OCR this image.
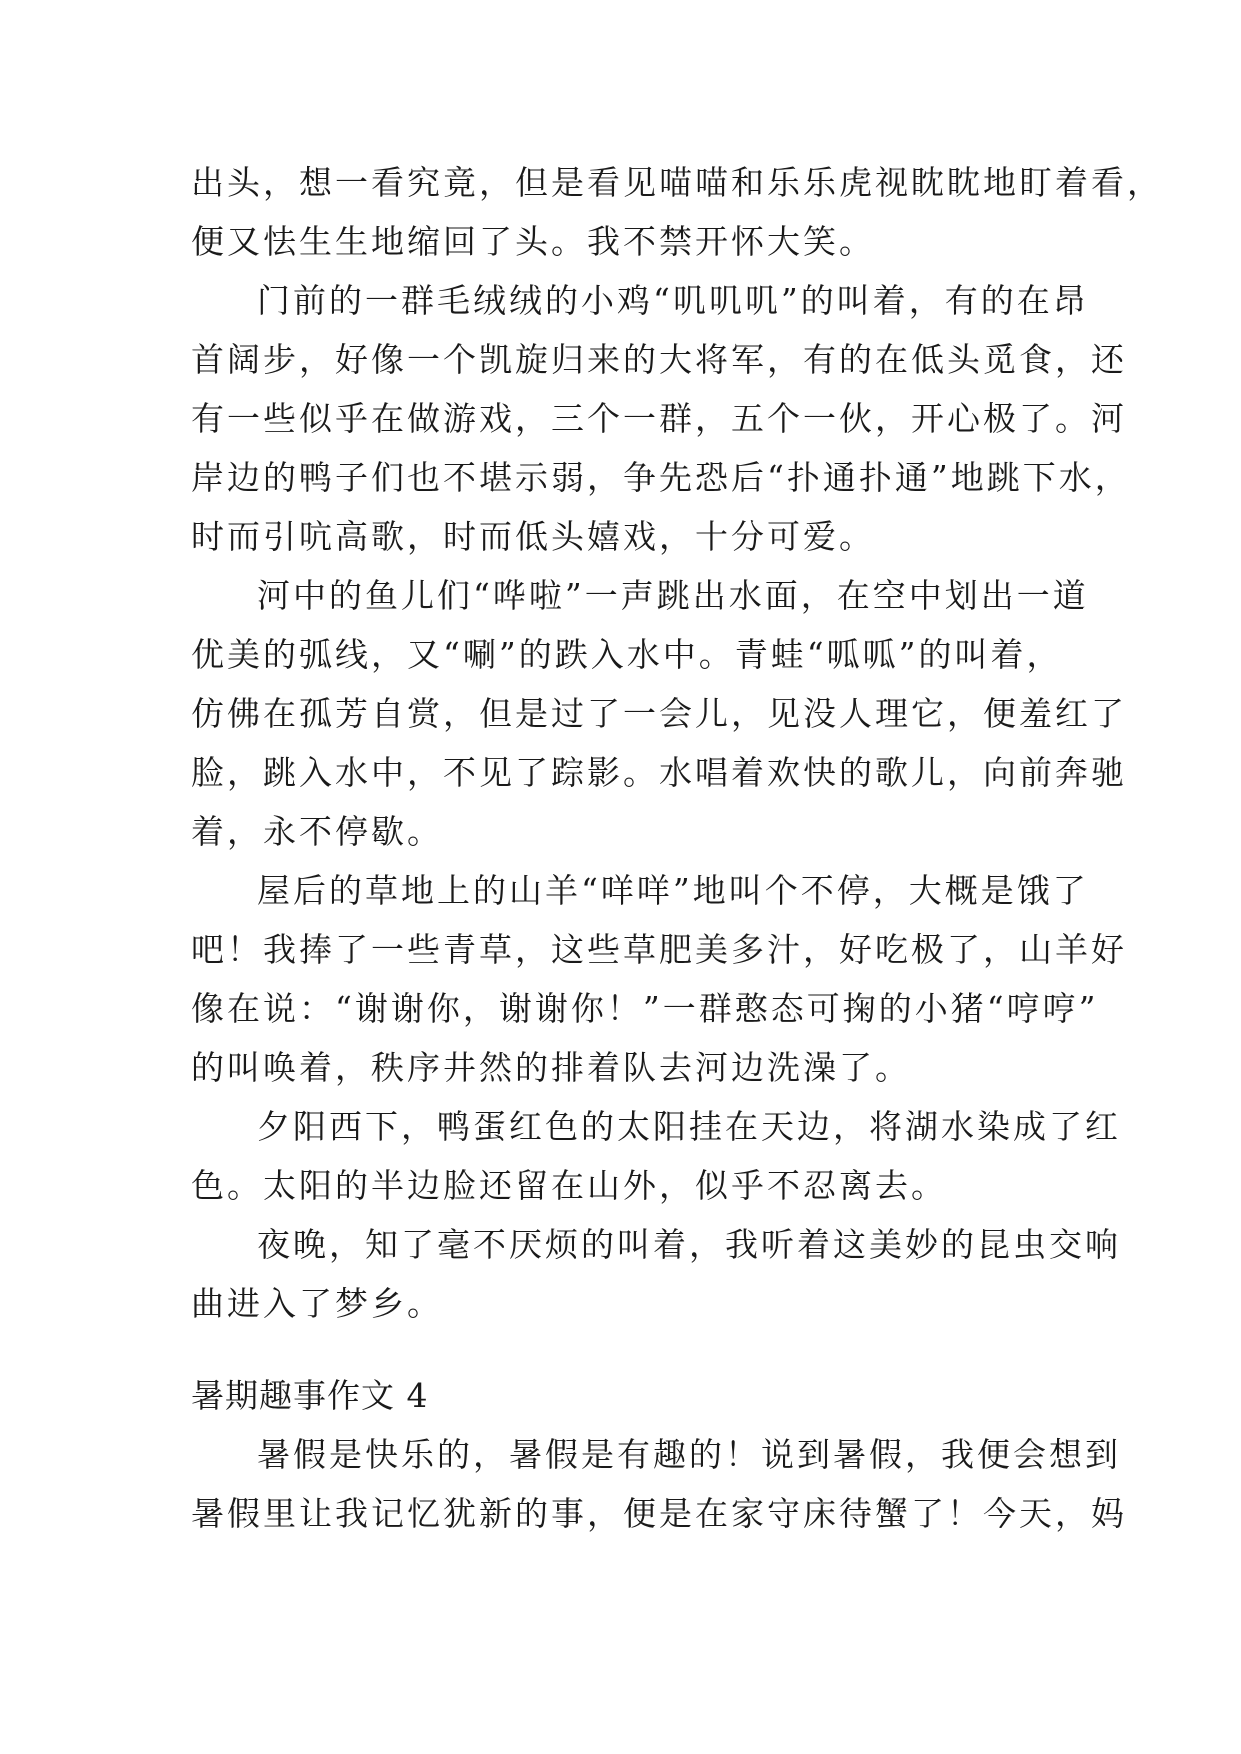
出头，想一看究竟，但是看见喵喵和乐乐虎视眈眈地盯着看，
便又怯生生地缩回了头。我不禁开怀大笑。
门前的一群毛绒绒的小鸡“叽叽叽”的叫着，有的在昂
首阔步，好像一个凯旋归来的大将军，有的在低头觅食，还
有一些似乎在做游戏，三个一群，五个一伙，开心极了。河
岸边的鸭子们也不堪示弱，争先恐后“扑通扑通”地跳下水，
时而引吭高歌，时而低头嬉戏，十分可爱。
河中的鱼儿们“哗啦”一声跳出水面，在空中划出一道
优美的弧线，又“唰”的跌入水中。青蛙“呱呱”的叫着，
仿佛在孤芳自赏，但是过了一会儿，见没人理它，便羞红了
脸，跳入水中，不见了踪影。水唱着欢快的歌儿，向前奔驰
着，永不停歇。
屋后的草地上的山羊“咩咩”地叫个不停，大概是饿了
吧！我捧了一些青草，这些草肥美多汁，好吃极了，山羊好
像在说：“谢谢你，谢谢你！”一群憨态可掬的小猪“哼哼”
的叫唤着，秩序井然的排着队去河边洗澡了。
夕阳西下，鸭蛋红色的太阳挂在天边，将湖水染成了红
色。太阳的半边脸还留在山外，似乎不忍离去。
夜晚，知了毫不厌烦的叫着，我听着这美妙的昆虫交响
曲进入了梦乡。
暑期趣事作文 4
暑假是快乐的，暑假是有趣的！说到暑假，我便会想到
暑假里让我记忆犹新的事，便是在家守床待蟹了！今天，妈
